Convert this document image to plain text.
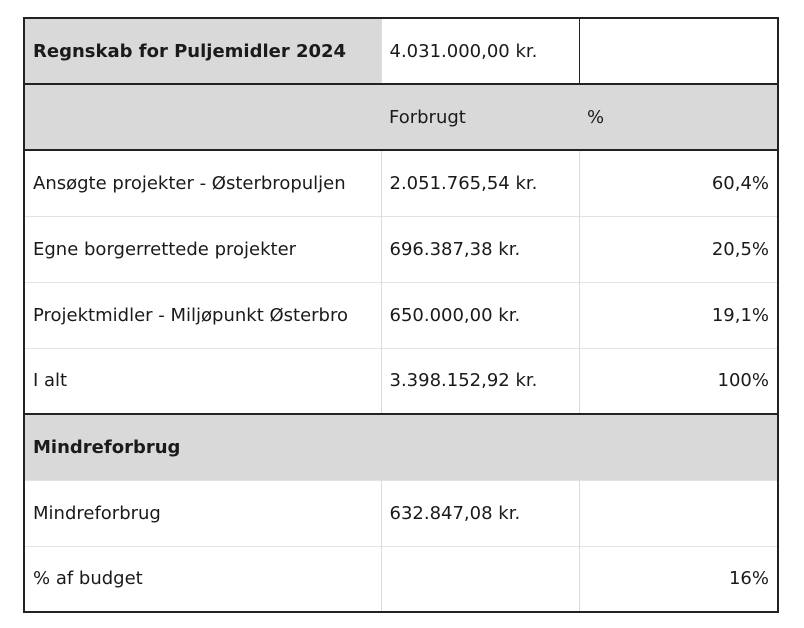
Regnskab for Puljemidler 2024	4.031.000,00 kr.	
	Forbrugt	%
Ansøgte projekter - Østerbropuljen	2.051.765,54 kr.	60,4%
Egne borgerrettede projekter	696.387,38 kr.	20,5%
Projektmidler - Miljøpunkt Østerbro	650.000,00 kr.	19,1%
I alt	3.398.152,92 kr.	100%
Mindreforbrug		
Mindreforbrug	632.847,08 kr.	
% af budget		16%
